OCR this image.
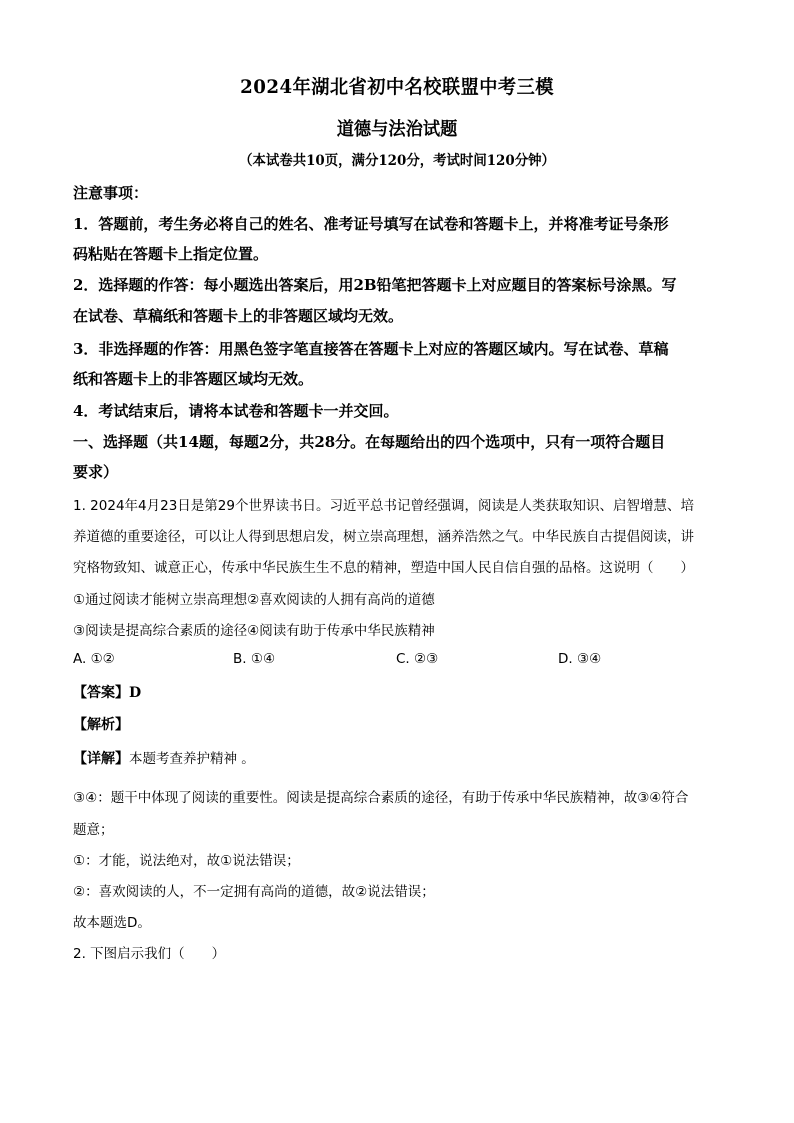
2024年湖北省初中名校联盟中考三模
道德与法治试题
（本试卷共10页，满分120分，考试时间120分钟）
注意事项：
1．答题前，考生务必将自己的姓名、准考证号填写在试卷和答题卡上，并将准考证号条形
码粘贴在答题卡上指定位置。
2．选择题的作答：每小题选出答案后，用2B铅笔把答题卡上对应题目的答案标号涂黑。写
在试卷、草稿纸和答题卡上的非答题区域均无效。
3．非选择题的作答：用黑色签字笔直接答在答题卡上对应的答题区域内。写在试卷、草稿
纸和答题卡上的非答题区域均无效。
4．考试结束后，请将本试卷和答题卡一并交回。
一、选择题（共14题，每题2分，共28分。在每题给出的四个选项中，只有一项符合题目
要求）
1. 2024年4月23日是第29个世界读书日。习近平总书记曾经强调，阅读是人类获取知识、启智增慧、培
养道德的重要途径，可以让人得到思想启发，树立崇高理想，涵养浩然之气。中华民族自古提倡阅读，讲
究格物致知、诚意正心，传承中华民族生生不息的精神，塑造中国人民自信自强的品格。这说明（　　）
①通过阅读才能树立崇高理想②喜欢阅读的人拥有高尚的道德
③阅读是提高综合素质的途径④阅读有助于传承中华民族精神
A. ①②	B. ①④	C. ②③	D. ③④
【答案】D
【解析】
【详解】本题考查养护精神 。
③④：题干中体现了阅读的重要性。阅读是提高综合素质的途径，有助于传承中华民族精神，故③④符合
题意；
①：才能，说法绝对，故①说法错误；
②：喜欢阅读的人，不一定拥有高尚的道德，故②说法错误；
故本题选D。
2. 下图启示我们（　　）
